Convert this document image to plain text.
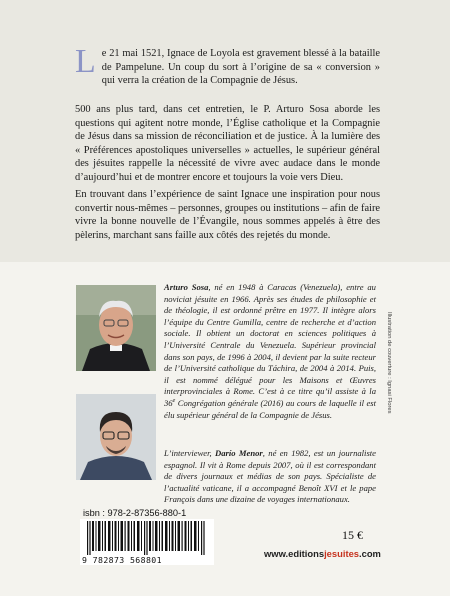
Le 21 mai 1521, Ignace de Loyola est gravement blessé à la bataille de Pampelune. Un coup du sort à l’origine de sa « conversion » qui verra la création de la Compagnie de Jésus.
500 ans plus tard, dans cet entretien, le P. Arturo Sosa aborde les questions qui agitent notre monde, l’Église catholique et la Compagnie de Jésus dans sa mission de réconciliation et de justice. À la lumière des « Préférences apostoliques universelles » actuelles, le supérieur général des jésuites rappelle la nécessité de vivre avec audace dans le monde d’aujourd’hui et de montrer encore et toujours la voie vers Dieu.
En trouvant dans l’expérience de saint Ignace une inspiration pour nous convertir nous-mêmes – personnes, groupes ou institutions – afin de faire vivre la bonne nouvelle de l’Évangile, nous sommes appelés à être des pèlerins, marchant sans faille aux côtés des rejetés du monde.
Arturo Sosa, né en 1948 à Caracas (Venezuela), entre au noviciat jésuite en 1966. Après ses études de philosophie et de théologie, il est ordonné prêtre en 1977. Il intègre alors l’équipe du Centre Gumilla, centre de recherche et d’action sociale. Il obtient un doctorat en sciences politiques à l’Université Centrale du Venezuela. Supérieur provincial dans son pays, de 1996 à 2004, il devient par la suite recteur de l’Université catholique du Táchira, de 2004 à 2014. Puis, il est nommé délégué pour les Maisons et Œuvres interprovinciales à Rome. C’est à ce titre qu’il assiste à la 36e Congrégation générale (2016) au cours de laquelle il est élu supérieur général de la Compagnie de Jésus.
L’interviewer, Darío Menor, né en 1982, est un journaliste espagnol. Il vit à Rome depuis 2007, où il est correspondant de divers journaux et médias de son pays. Spécialiste de l’actualité vaticane, il a accompagné Benoît XVI et le pape François dans une dizaine de voyages internationaux.
Illustration de couverture : Ignasi Flores
isbn : 978-2-87356-880-1
9 782873 568801
15 €
www.editionsjesuites.com
